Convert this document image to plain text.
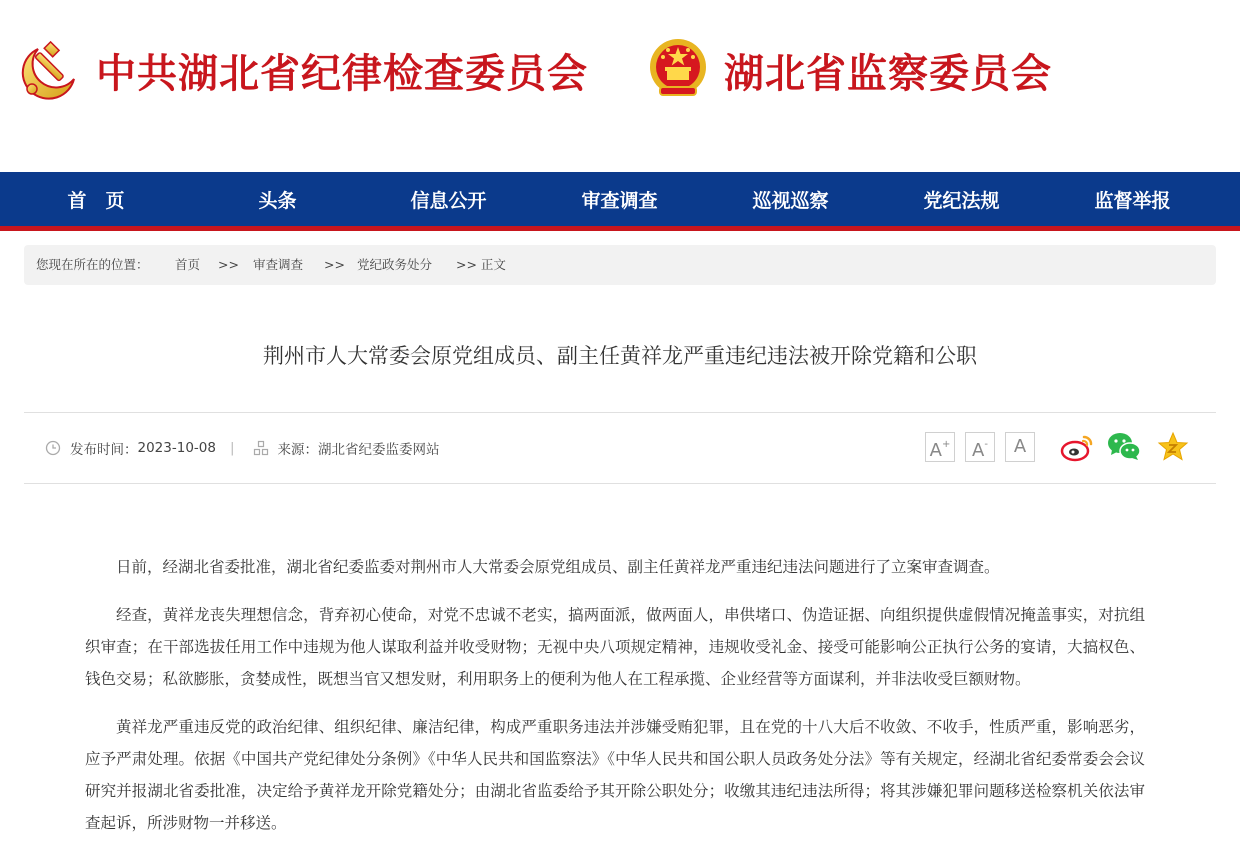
中共湖北省纪律检查委员会	湖北省监察委员会
首　页	头条	信息公开	审查调查	巡视巡察	党纪法规	监督举报
您现在所在的位置： 首页 >> 审查调查 >> 党纪政务处分 >> 正文
荆州市人大常委会原党组成员、副主任黄祥龙严重违纪违法被开除党籍和公职
发布时间： 2023-10-08 |	来源： 湖北省纪委监委网站	A+	A-	A

日前，经湖北省委批准，湖北省纪委监委对荆州市人大常委会原党组成员、副主任黄祥龙严重违纪违法问题进行了立案审查调查。

经查，黄祥龙丧失理想信念，背弃初心使命，对党不忠诚不老实，搞两面派，做两面人，串供堵口、伪造证据、向组织提供虚假情况掩盖事实，对抗组织审查；在干部选拔任用工作中违规为他人谋取利益并收受财物；无视中央八项规定精神，违规收受礼金、接受可能影响公正执行公务的宴请，大搞权色、钱色交易；私欲膨胀，贪婪成性，既想当官又想发财，利用职务上的便利为他人在工程承揽、企业经营等方面谋利，并非法收受巨额财物。

黄祥龙严重违反党的政治纪律、组织纪律、廉洁纪律，构成严重职务违法并涉嫌受贿犯罪，且在党的十八大后不收敛、不收手，性质严重，影响恶劣，应予严肃处理。依据《中国共产党纪律处分条例》《中华人民共和国监察法》《中华人民共和国公职人员政务处分法》等有关规定，经湖北省纪委常委会会议研究并报湖北省委批准，决定给予黄祥龙开除党籍处分；由湖北省监委给予其开除公职处分；收缴其违纪违法所得；将其涉嫌犯罪问题移送检察机关依法审查起诉，所涉财物一并移送。
